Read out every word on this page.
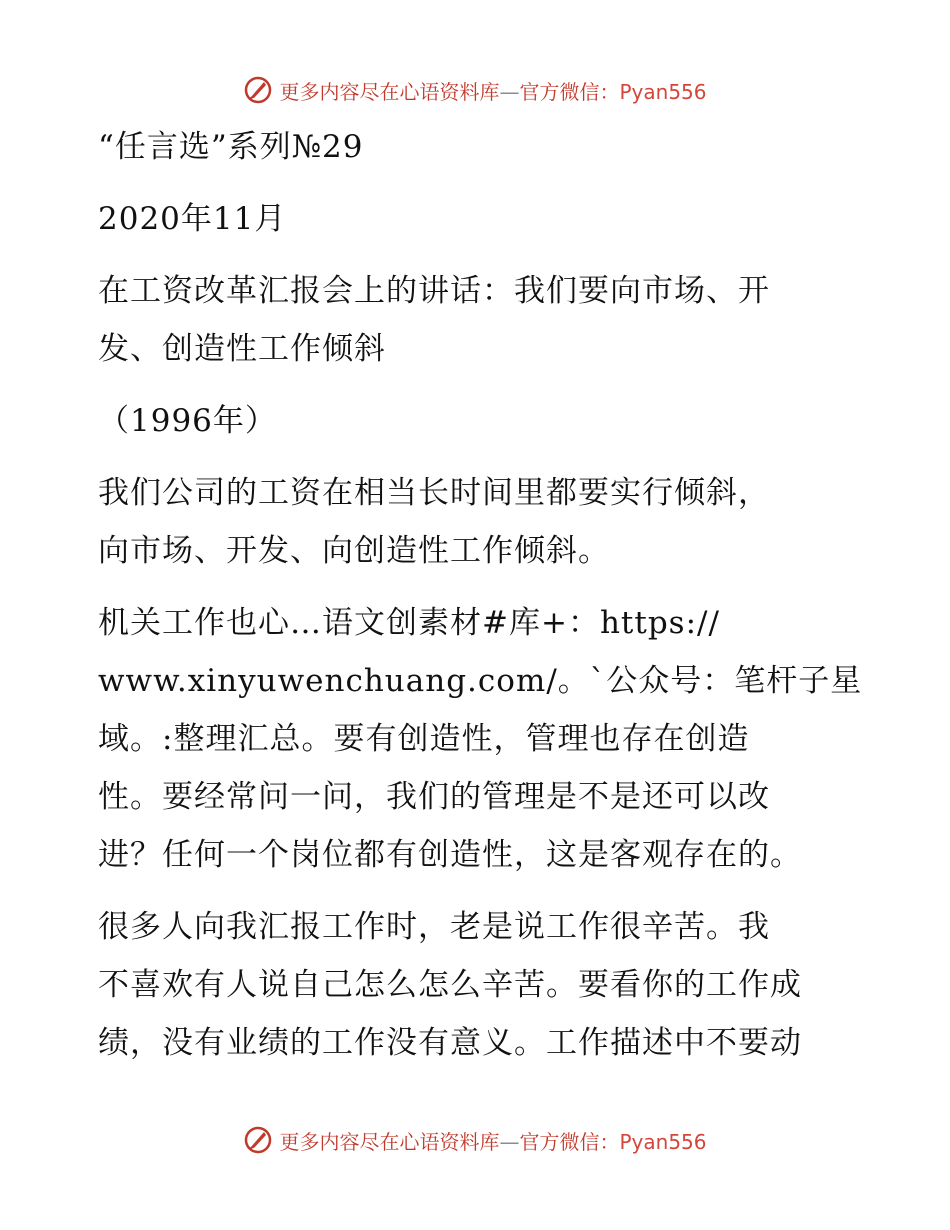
更多内容尽在心语资料库—官方微信：Pyan556
“任言选”系列№29
2020年11月
在工资改革汇报会上的讲话：我们要向市场、开
发、创造性工作倾斜
（1996年）
我们公司的工资在相当长时间里都要实行倾斜，
向市场、开发、向创造性工作倾斜。
机关工作也心…语文创素材#库+：https://
www.xinyuwenchuang.com/。`公众号：笔杆子星
域。:整理汇总。要有创造性，管理也存在创造
性。要经常问一问，我们的管理是不是还可以改
进？任何一个岗位都有创造性，这是客观存在的。
很多人向我汇报工作时，老是说工作很辛苦。我
不喜欢有人说自己怎么怎么辛苦。要看你的工作成
绩，没有业绩的工作没有意义。工作描述中不要动
更多内容尽在心语资料库—官方微信：Pyan556
